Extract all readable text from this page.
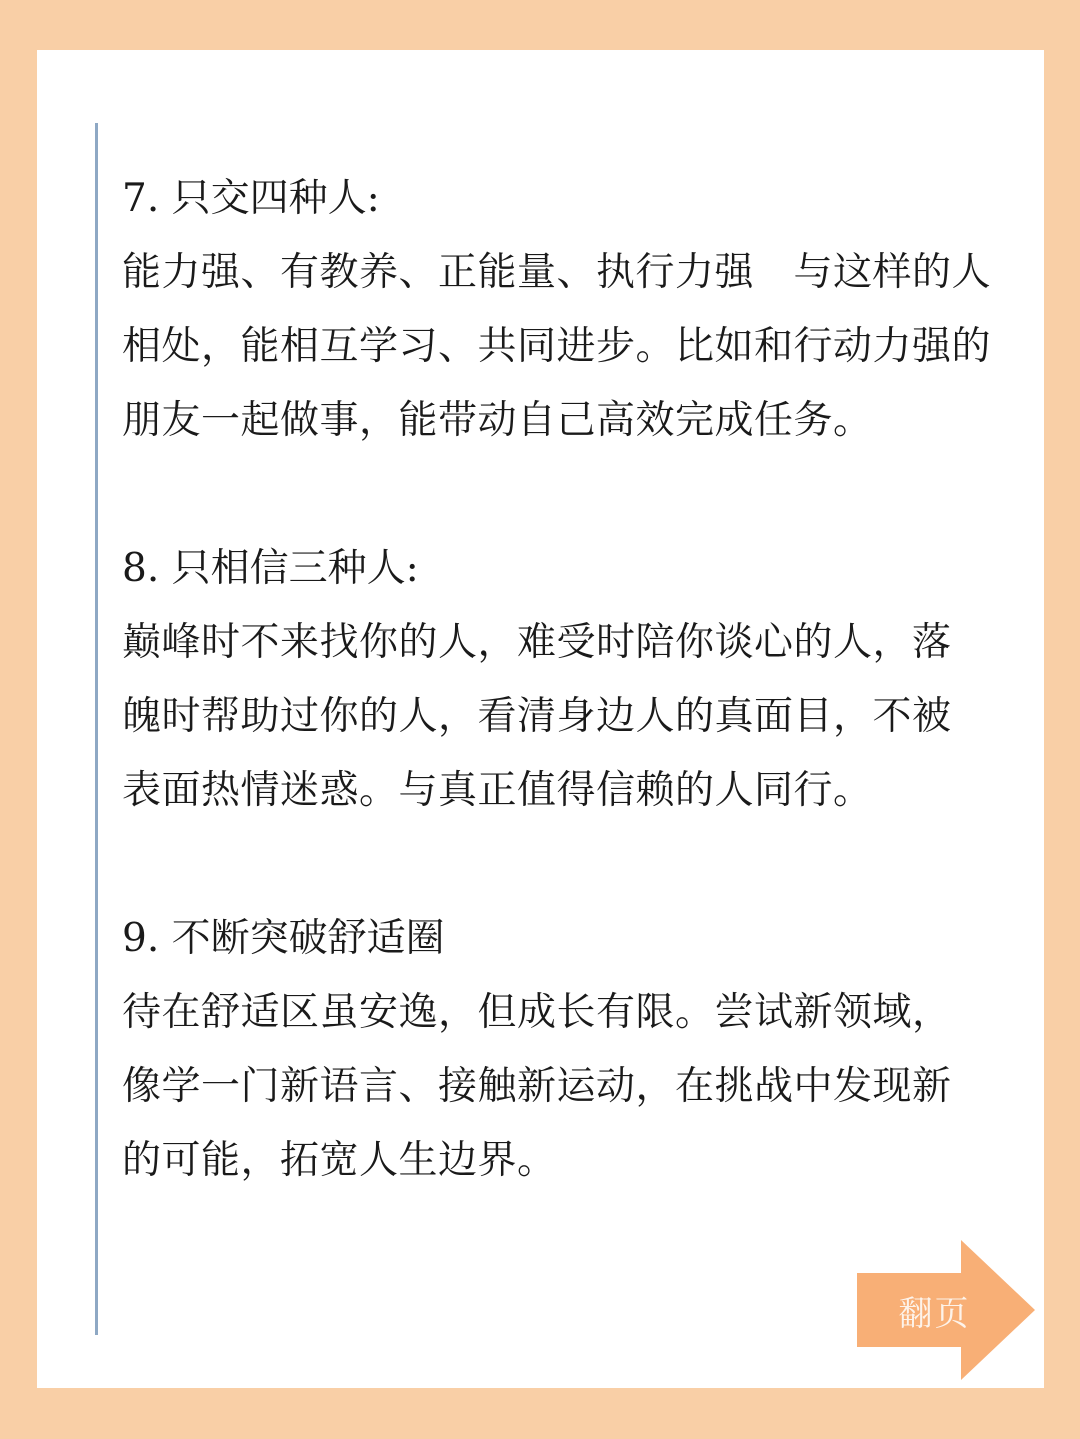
7. 只交四种人:
能力强、有教养、正能量、执行力强　与这样的人
相处，能相互学习、共同进步。比如和行动力强的
朋友一起做事，能带动自己高效完成任务。
8. 只相信三种人:
巅峰时不来找你的人，难受时陪你谈心的人，落
魄时帮助过你的人，看清身边人的真面目，不被
表面热情迷惑。与真正值得信赖的人同行。
9. 不断突破舒适圈
待在舒适区虽安逸，但成长有限。尝试新领域，
像学一门新语言、接触新运动，在挑战中发现新
的可能，拓宽人生边界。
翻页
